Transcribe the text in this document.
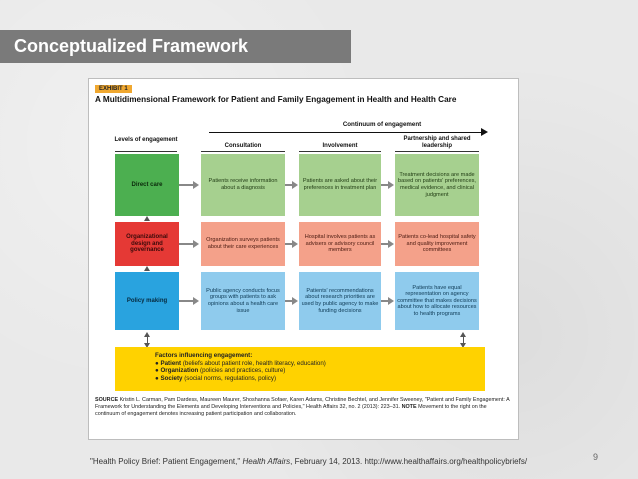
Conceptualized Framework
EXHIBIT 1
A Multidimensional Framework for Patient and Family Engagement in Health and Health Care
Continuum of engagement
Levels of engagement
Consultation	Involvement
Partnership and shared leadership
Direct care
Patients receive information about a diagnosis
Patients are asked about their preferences in treatment plan
Treatment decisions are made based on patients' preferences, medical evidence, and clinical judgment
Organizational design and governance
Organization surveys patients about their care experiences
Hospital involves patients as advisers or advisory council members
Patients co-lead hospital safety and quality improvement committees
Policy making
Public agency conducts focus groups with patients to ask opinions about a health care issue
Patients' recommendations about research priorities are used by public agency to make funding decisions
Patients have equal representation on agency committee that makes decisions about how to allocate resources to health programs
Factors influencing engagement:
● Patient (beliefs about patient role, health literacy, education)
● Organization (policies and practices, culture)
● Society (social norms, regulations, policy)
SOURCE Kristin L. Carman, Pam Dardess, Maureen Maurer, Shoshanna Sofaer, Karen Adams, Christine Bechtel, and Jennifer Sweeney, "Patient and Family Engagement: A Framework for Understanding the Elements and Developing Interventions and Policies," Health Affairs 32, no. 2 (2013): 223–31. NOTE Movement to the right on the continuum of engagement denotes increasing patient participation and collaboration.
"Health Policy Brief: Patient Engagement," Health Affairs, February 14, 2013. http://www.healthaffairs.org/healthpolicybriefs/	9
